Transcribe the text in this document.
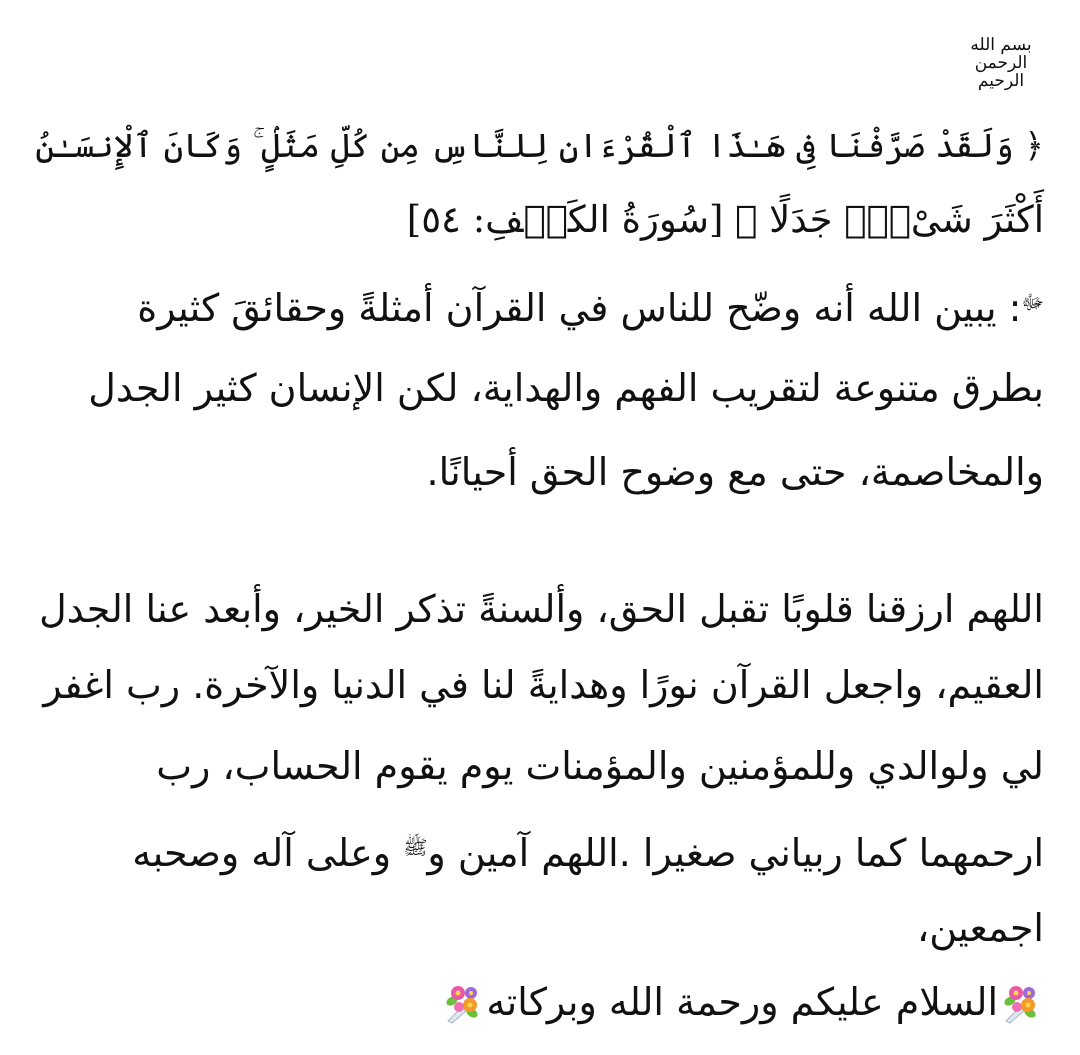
بسم الله
الرحمن
الرحيم
﴿ وَلَقَدْ صَرَّفْنَا فِى هَـٰذَا ٱلْقُرْءَانِ لِلنَّاسِ مِن كُلِّ مَثَلٍۢ ۚ وَكَانَ ٱلْإِنسَـٰنُ
أَكْثَرَ شَىْءٍۢ جَدَلًا ﴾ [سُورَةُ الكَهۡفِ: ٥٤]
$^ﷻ$: يبين الله أنه وضّح للناس في القرآن أمثلةً وحقائقَ كثيرة
بطرق متنوعة لتقريب الفهم والهداية، لكن الإنسان كثير الجدل
والمخاصمة، حتى مع وضوح الحق أحيانًا.
اللهم ارزقنا قلوبًا تقبل الحق، وألسنةً تذكر الخير، وأبعد عنا الجدل
العقيم، واجعل القرآن نورًا وهدايةً لنا في الدنيا والآخرة. رب اغفر
لي ولوالدي وللمؤمنين والمؤمنات يوم يقوم الحساب، رب
ارحمهما كما ربياني صغيرا .اللهم آمين و$^ﷺ$ وعلى آله وصحبه
اجمعين،
السلام عليكم ورحمة الله وبركاته
